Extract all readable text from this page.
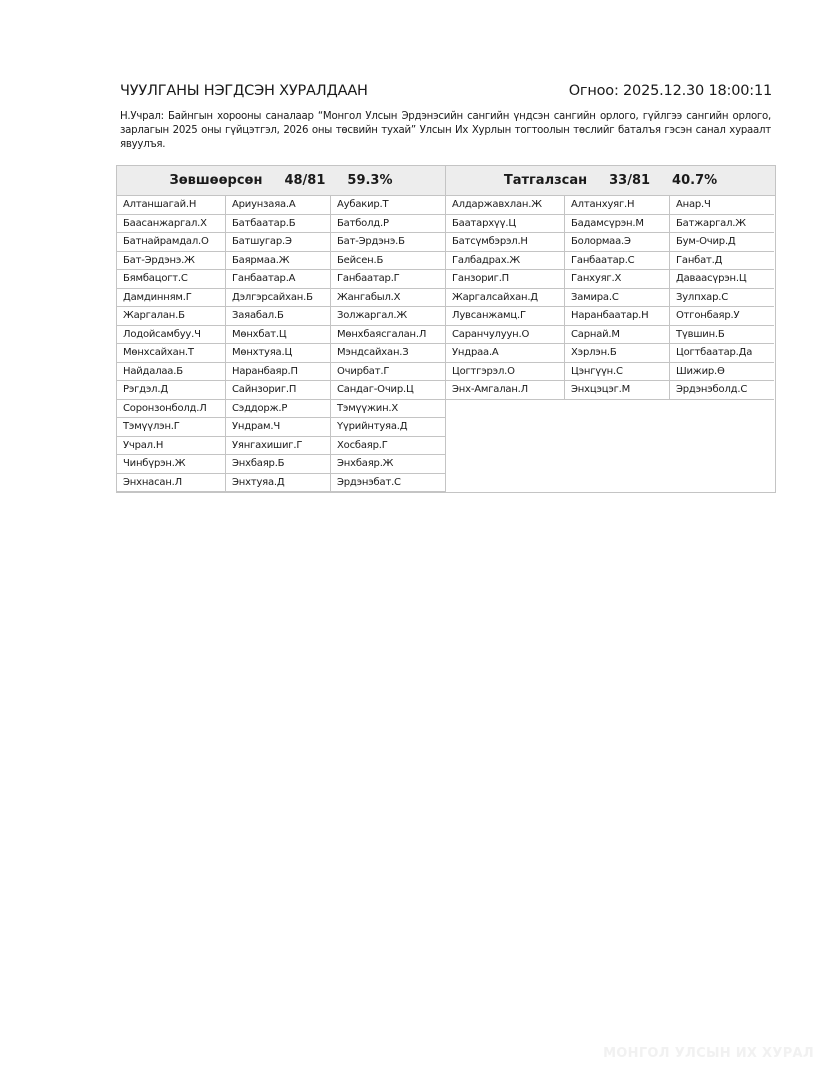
ЧУУЛГАНЫ НЭГДСЭН ХУРАЛДААН	Огноо: 2025.12.30 18:00:11
Н.Учрал: Байнгын хорооны саналаар “Монгол Улсын Эрдэнэсийн сангийн үндсэн сангийн орлого, гүйлгээ сангийн орлого, зарлагын 2025 оны гүйцэтгэл, 2026 оны төсвийн тухай” Улсын Их Хурлын тогтоолын төслийг баталъя гэсэн санал хураалт явуулъя.
Зөвшөөрсөн 48/81 59.3%
Алтаншагай.Н	Ариунзаяа.А	Аубакир.Т
Баасанжаргал.Х	Батбаатар.Б	Батболд.Р
Батнайрамдал.О	Батшугар.Э	Бат-Эрдэнэ.Б
Бат-Эрдэнэ.Ж	Баярмаа.Ж	Бейсен.Б
Бямбацогт.С	Ганбаатар.А	Ганбаатар.Г
Дамдинням.Г	Дэлгэрсайхан.Б	Жангабыл.Х
Жаргалан.Б	Заяабал.Б	Золжаргал.Ж
Лодойсамбуу.Ч	Мөнхбат.Ц	Мөнхбаясгалан.Л
Мөнхсайхан.Т	Мөнхтуяа.Ц	Мэндсайхан.З
Найдалаа.Б	Наранбаяр.П	Очирбат.Г
Рэгдэл.Д	Сайнзориг.П	Сандаг-Очир.Ц
Соронзонболд.Л	Сэддорж.Р	Тэмүүжин.Х
Тэмүүлэн.Г	Ундрам.Ч	Үүрийнтуяа.Д
Учрал.Н	Уянгахишиг.Г	Хосбаяр.Г
Чинбүрэн.Ж	Энхбаяр.Б	Энхбаяр.Ж
Энхнасан.Л	Энхтуяа.Д	Эрдэнэбат.С
Татгалзсан 33/81 40.7%
Алдаржавхлан.Ж	Алтанхуяг.Н	Анар.Ч
Баатархүү.Ц	Бадамсүрэн.М	Батжаргал.Ж
Батсүмбэрэл.Н	Болормаа.Э	Бум-Очир.Д
Галбадрах.Ж	Ганбаатар.С	Ганбат.Д
Ганзориг.П	Ганхуяг.Х	Даваасүрэн.Ц
Жаргалсайхан.Д	Замира.С	Зулпхар.С
Лувсанжамц.Г	Наранбаатар.Н	Отгонбаяр.У
Саранчулуун.О	Сарнай.М	Түвшин.Б
Ундраа.А	Хэрлэн.Б	Цогтбаатар.Да
Цогтгэрэл.О	Цэнгүүн.С	Шижир.Ө
Энх-Амгалан.Л	Энхцэцэг.М	Эрдэнэболд.С
МОНГОЛ УЛСЫН ИХ ХУРАЛ
